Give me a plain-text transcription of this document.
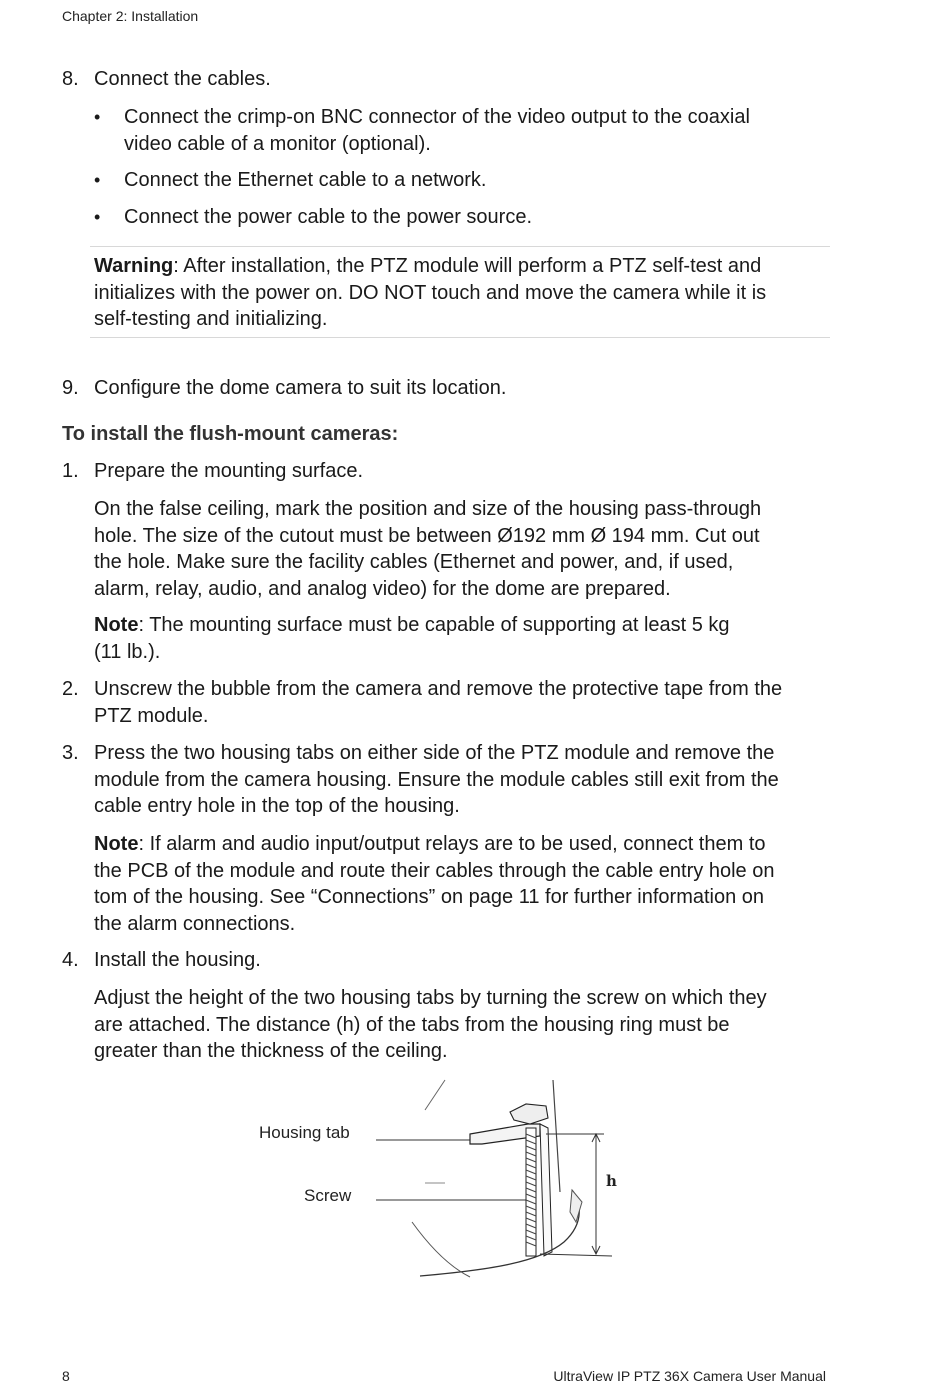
Chapter 2: Installation
8. Connect the cables.
• Connect the crimp-on BNC connector of the video output to the coaxial
video cable of a monitor (optional).
• Connect the Ethernet cable to a network.
• Connect the power cable to the power source.
Warning: After installation, the PTZ module will perform a PTZ self-test and
initializes with the power on. DO NOT touch and move the camera while it is
self-testing and initializing.
9. Configure the dome camera to suit its location.
To install the flush-mount cameras:
1. Prepare the mounting surface.
On the false ceiling, mark the position and size of the housing pass-through
hole. The size of the cutout must be between Ø192 mm Ø 194 mm. Cut out
the hole. Make sure the facility cables (Ethernet and power, and, if used,
alarm, relay, audio, and analog video) for the dome are prepared.
Note: The mounting surface must be capable of supporting at least 5 kg
(11 lb.).
2. Unscrew the bubble from the camera and remove the protective tape from the
PTZ module.
3. Press the two housing tabs on either side of the PTZ module and remove the
module from the camera housing. Ensure the module cables still exit from the
cable entry hole in the top of the housing.
Note: If alarm and audio input/output relays are to be used, connect them to
the PCB of the module and route their cables through the cable entry hole on
tom of the housing. See “Connections” on page 11 for further information on
the alarm connections.
4. Install the housing.
Adjust the height of the two housing tabs by turning the screw on which they
are attached. The distance (h) of the tabs from the housing ring must be
greater than the thickness of the ceiling.
Housing tab
Screw
h
8	UltraView IP PTZ 36X Camera User Manual
